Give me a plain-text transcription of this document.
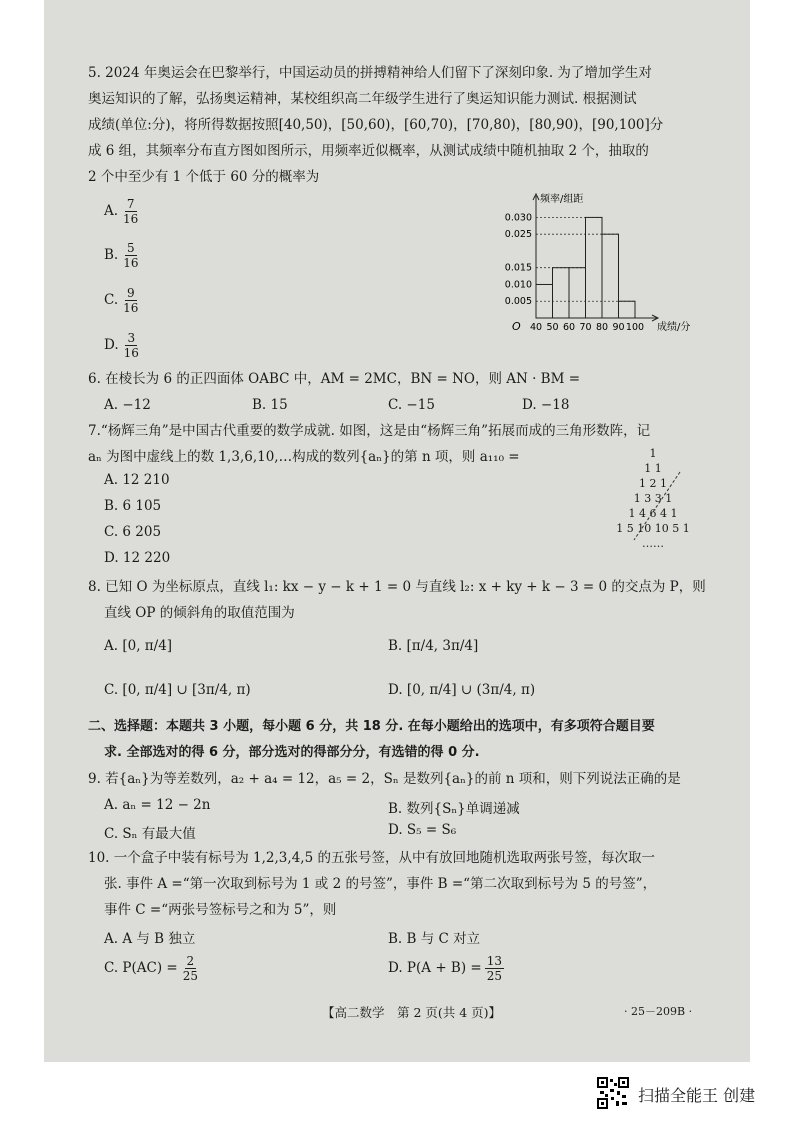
5. 2024 年奥运会在巴黎举行，中国运动员的拼搏精神给人们留下了深刻印象. 为了增加学生对
奥运知识的了解，弘扬奥运精神，某校组织高二年级学生进行了奥运知识能力测试. 根据测试
成绩(单位:分)，将所得数据按照[40,50)，[50,60)，[60,70)，[70,80)，[80,90)，[90,100]分
成 6 组，其频率分布直方图如图所示，用频率近似概率，从测试成绩中随机抽取 2 个，抽取的
2 个中至少有 1 个低于 60 分的概率为
A. $\frac{7}{16}$
B. $\frac{5}{16}$
C. $\frac{9}{16}$
D. $\frac{3}{16}$
频率/组距
成绩/分
O
0.030
0.025
0.015
0.010
0.005
40 50 60 70 80 90 100
6. 在棱长为 6 的正四面体 OABC 中，AM = 2MC，BN = NO，则 AN · BM =
A. −12	B. 15	C. −15	D. −18
7.“杨辉三角”是中国古代重要的数学成就. 如图，这是由“杨辉三角”拓展而成的三角形数阵，记
aₙ 为图中虚线上的数 1,3,6,10,…构成的数列{aₙ}的第 n 项，则 a₁₁₀ =
A. 12 210
B. 6 105
C. 6 205
D. 12 220
1
1 1
1 2 1
1 3 3 1
1 4 6 4 1
1 5 10 10 5 1
……
8. 已知 O 为坐标原点，直线 l₁: kx − y − k + 1 = 0 与直线 l₂: x + ky + k − 3 = 0 的交点为 P，则
直线 OP 的倾斜角的取值范围为
A. [0, π/4]	B. [π/4, 3π/4]
C. [0, π/4] ∪ [3π/4, π)	D. [0, π/4] ∪ (3π/4, π)
二、选择题：本题共 3 小题，每小题 6 分，共 18 分. 在每小题给出的选项中，有多项符合题目要
求. 全部选对的得 6 分，部分选对的得部分分，有选错的得 0 分.
9. 若{aₙ}为等差数列，a₂ + a₄ = 12，a₅ = 2，Sₙ 是数列{aₙ}的前 n 项和，则下列说法正确的是
A. aₙ = 12 − 2n	B. 数列{Sₙ}单调递减
C. Sₙ 有最大值	D. S₅ = S₆
10. 一个盒子中装有标号为 1,2,3,4,5 的五张号签，从中有放回地随机选取两张号签，每次取一
张. 事件 A =“第一次取到标号为 1 或 2 的号签”，事件 B =“第二次取到标号为 5 的号签”，
事件 C =“两张号签标号之和为 5”，则
A. A 与 B 独立	B. B 与 C 对立
C. $P(AC) = \frac{2}{25}$	D. $P(A + B) = \frac{13}{25}$
【高二数学　第 2 页(共 4 页)】	· 25－209B ·
扫描全能王 创建
